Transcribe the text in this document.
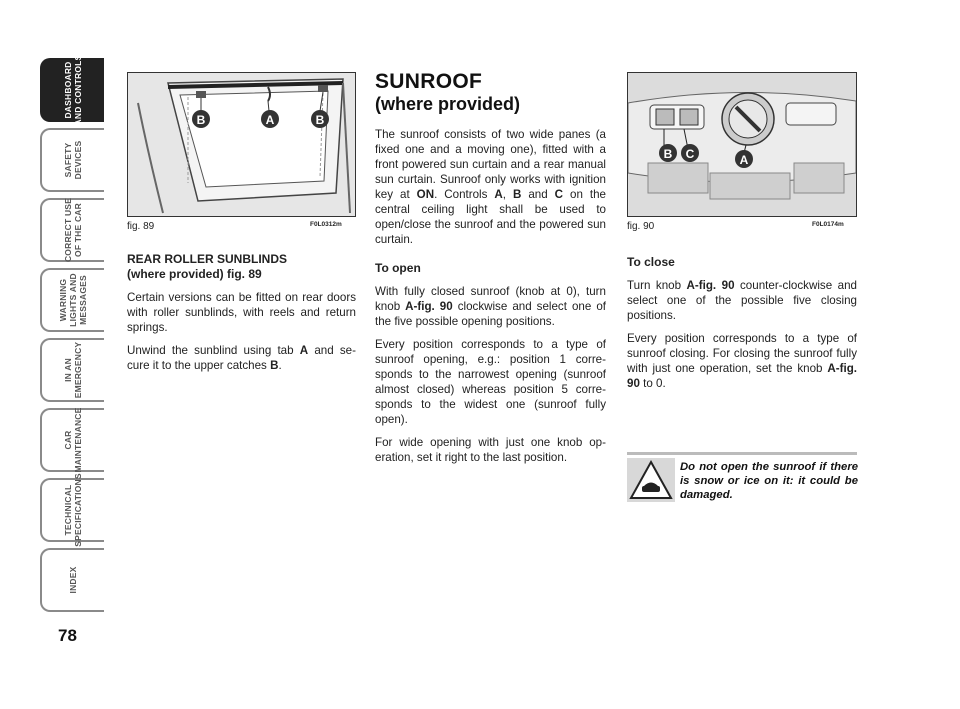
DASHBOARD
AND CONTROLS
SAFETY
DEVICES
CORRECT USE
OF THE CAR
WARNING
LIGHTS AND
MESSAGES
IN AN
EMERGENCY
CAR
MAINTENANCE
TECHNICAL
SPECIFICATIONS
INDEX
78
B	A	B
fig. 89	F0L0312m
B C	A
fig. 90	F0L0174m
REAR ROLLER SUNBLINDS
(where provided) fig. 89

Certain versions can be fitted on rear doors with roller sunblinds, with reels and return springs.

Unwind the sunblind using tab A and se- cure it to the upper catches B.

SUNROOF
(where provided)

The sunroof consists of two wide panes (a fixed one and a moving one), fitted with a front powered sun curtain and a rear manual sun curtain. Sunroof only works with ignition key at ON. Controls A, B and C on the central ceiling light shall be used to open/close the sunroof and the powered sun curtain.

To open

With fully closed sunroof (knob at 0), turn knob A-fig. 90 clockwise and select one of the five possible opening positions.

Every position corresponds to a type of sunroof opening, e.g.: position 1 corre- sponds to the narrowest opening (sunroof almost closed) whereas position 5 corre- sponds to the widest one (sunroof fully open).

For wide opening with just one knob op- eration, set it right to the last position.

To close

Turn knob A-fig. 90 counter-clockwise and select one of the possible five closing positions.

Every position corresponds to a type of sunroof closing. For closing the sunroof fully with just one operation, set the knob A-fig. 90 to 0.

Do not open the sunroof if there is snow or ice on it: it could be damaged.
